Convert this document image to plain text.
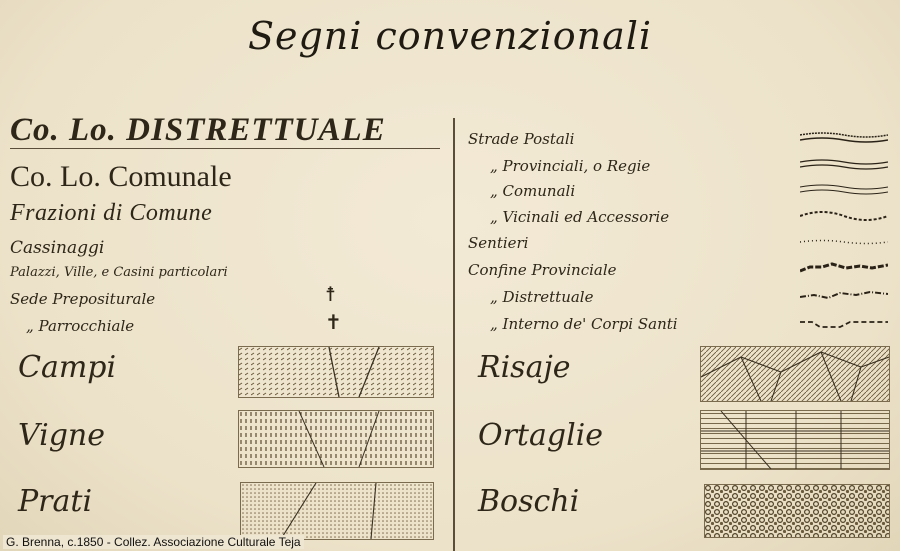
Segni convenzionali
Co. Lo. DISTRETTUALE
Co. Lo. Comunale
Frazioni di Comune
Cassinaggi
Palazzi, Ville, e Casini particolari
Sede Prepositurale
„ Parrocchiale
☨
✝
Campi
Vigne
Prati
Strade Postali
„ Provinciali, o Regie
„ Comunali
„ Vicinali ed Accessorie
Sentieri
Confine Provinciale
„ Distrettuale
„ Interno de' Corpi Santi
Risaje
Ortaglie
Boschi
G. Brenna, c.1850 - Collez. Associazione Culturale Teja
